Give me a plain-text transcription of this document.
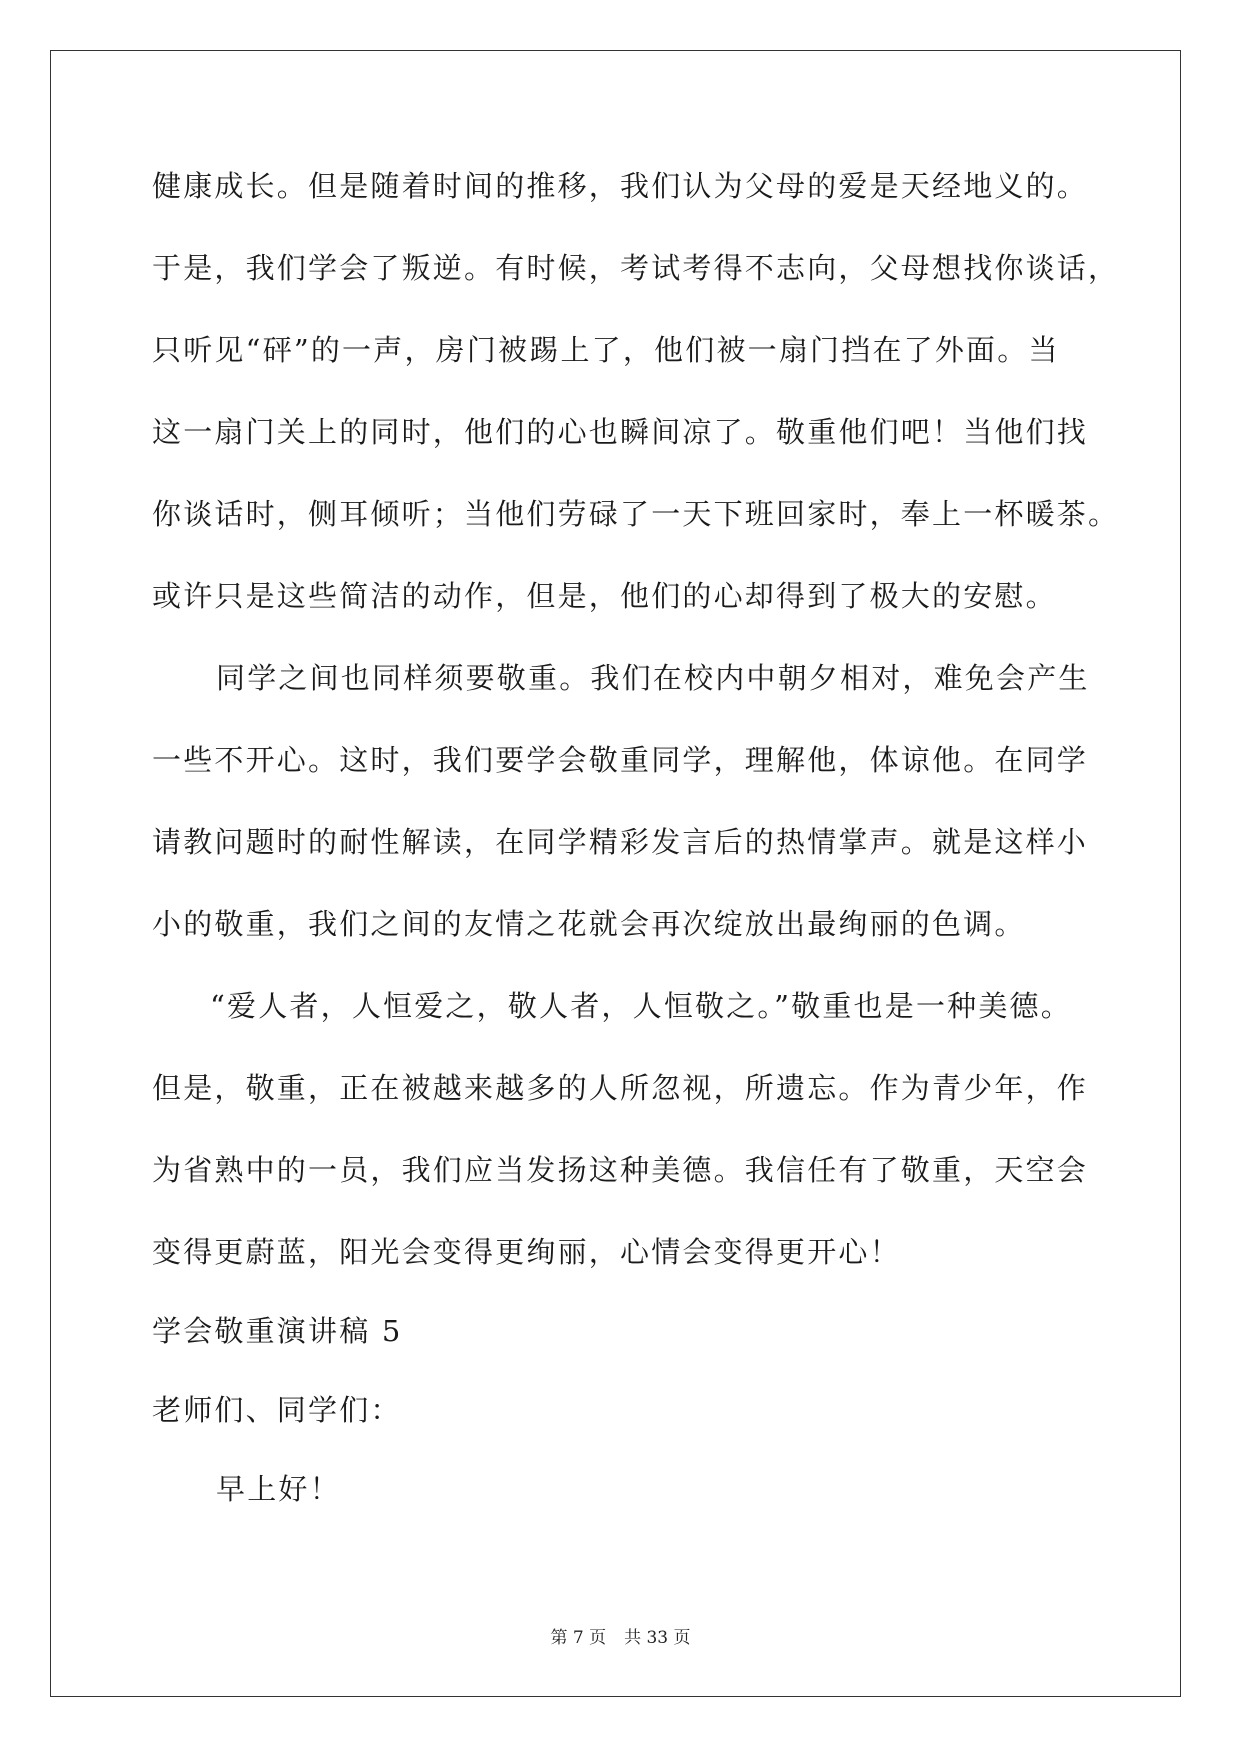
健康成长。但是随着时间的推移，我们认为父母的爱是天经地义的。
于是，我们学会了叛逆。有时候，考试考得不志向，父母想找你谈话，
只听见“砰”的一声，房门被踢上了，他们被一扇门挡在了外面。当
这一扇门关上的同时，他们的心也瞬间凉了。敬重他们吧！当他们找
你谈话时，侧耳倾听；当他们劳碌了一天下班回家时，奉上一杯暖茶。
或许只是这些简洁的动作，但是，他们的心却得到了极大的安慰。
同学之间也同样须要敬重。我们在校内中朝夕相对，难免会产生
一些不开心。这时，我们要学会敬重同学，理解他，体谅他。在同学
请教问题时的耐性解读，在同学精彩发言后的热情掌声。就是这样小
小的敬重，我们之间的友情之花就会再次绽放出最绚丽的色调。
“爱人者，人恒爱之，敬人者，人恒敬之。”敬重也是一种美德。
但是，敬重，正在被越来越多的人所忽视，所遗忘。作为青少年，作
为省熟中的一员，我们应当发扬这种美德。我信任有了敬重，天空会
变得更蔚蓝，阳光会变得更绚丽，心情会变得更开心！
学会敬重演讲稿 5
老师们、同学们：
早上好！
第 7 页 共 33 页
